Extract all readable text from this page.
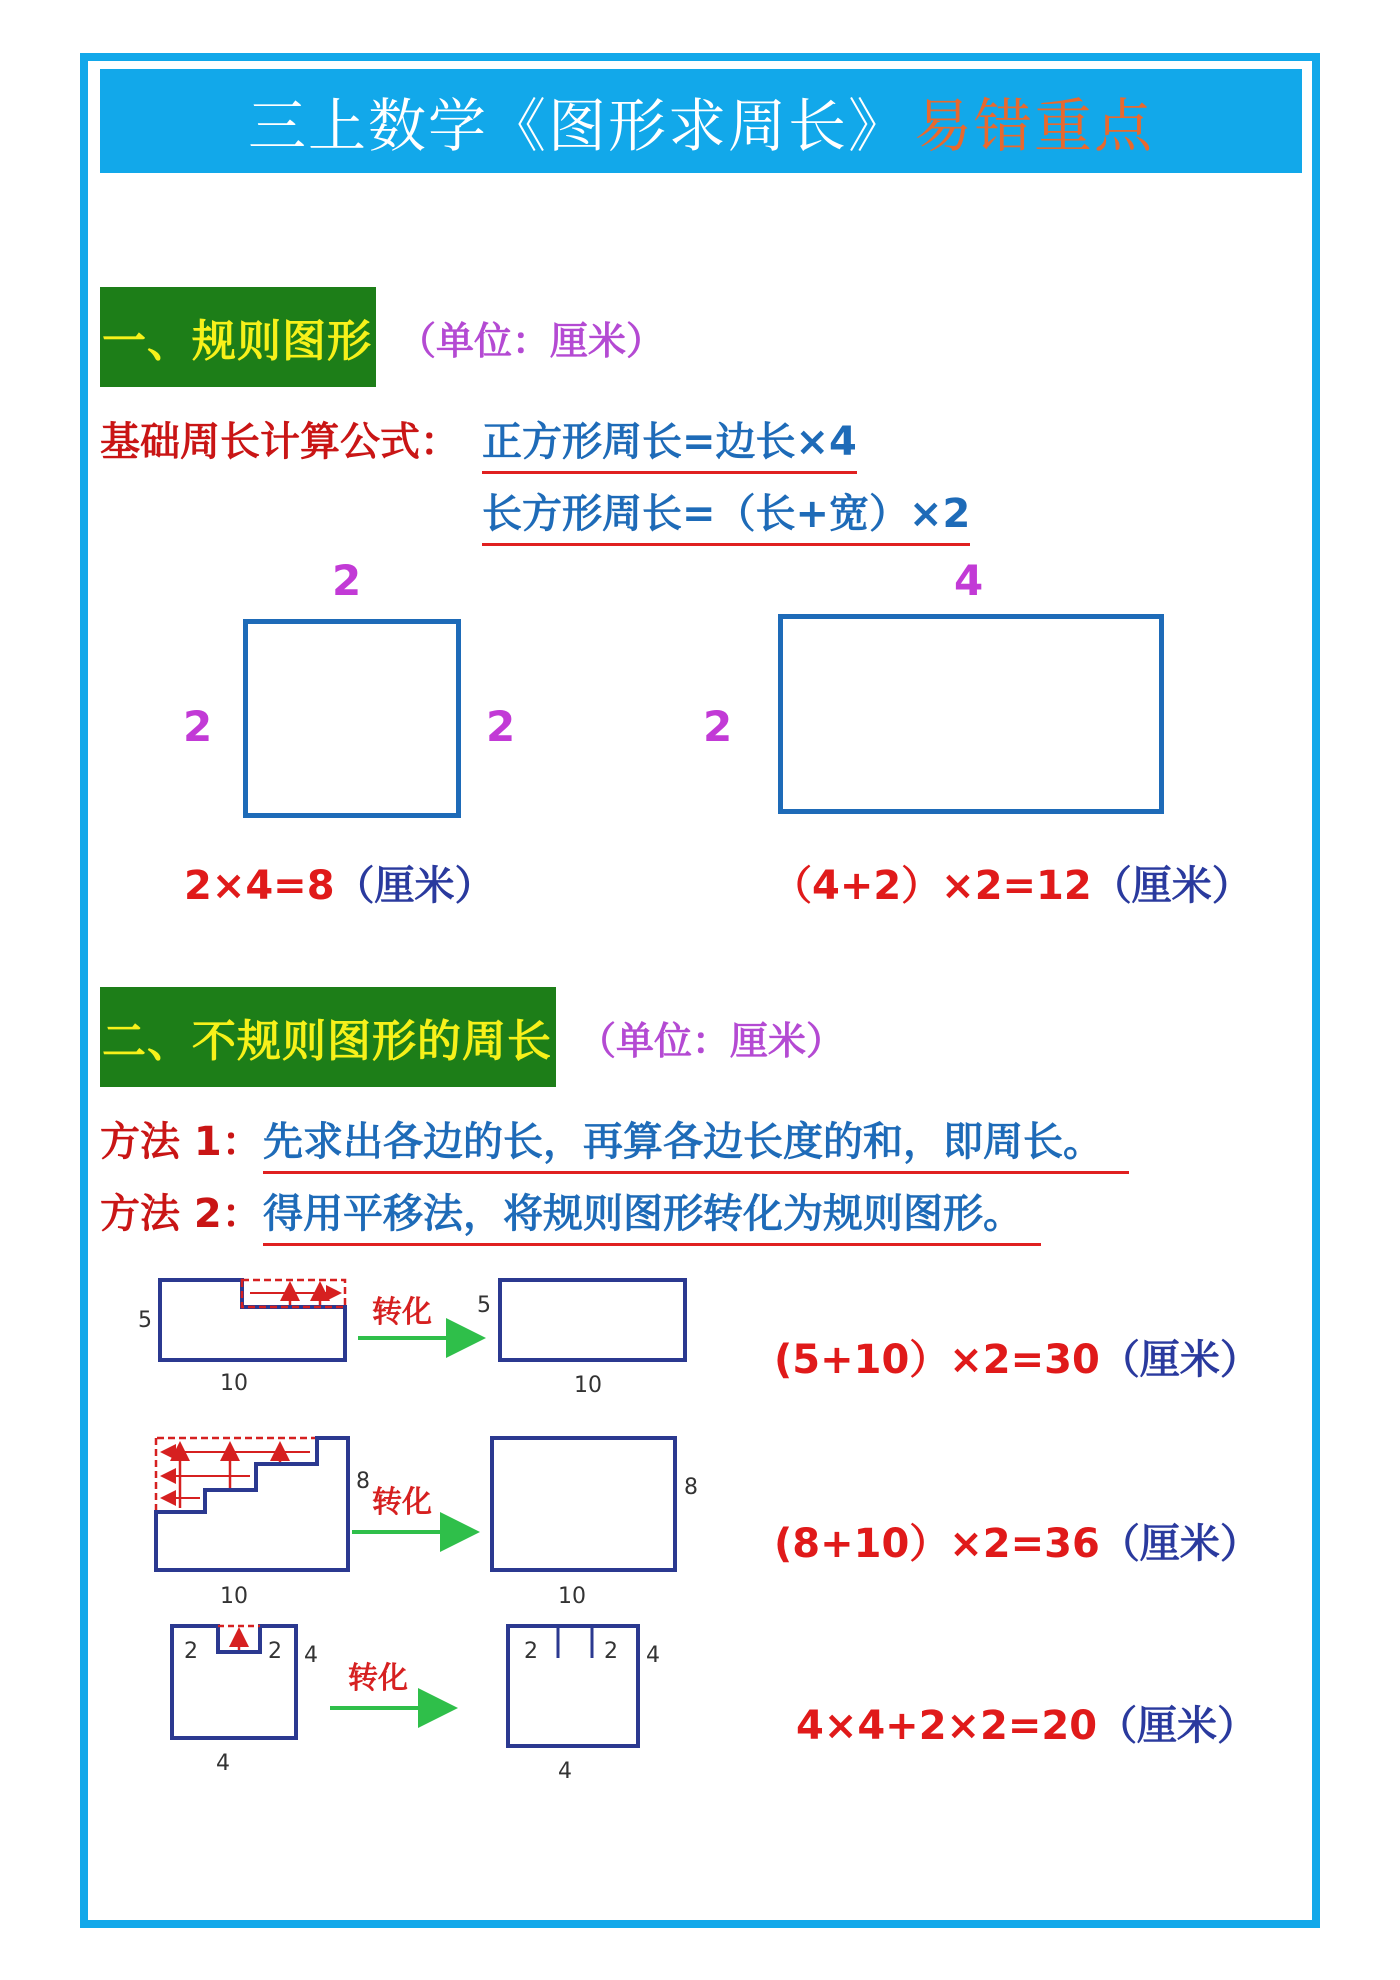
三上数学《图形求周长》 易错重点
一、规则图形 （单位：厘米）
基础周长计算公式： 正方形周长=边长×4
长方形周长=（长+宽）×2
2
2	2
4
2
2×4=8（厘米）	（4+2）×2=12（厘米）
二、不规则图形的周长 （单位：厘米）
方法 1： 先求出各边的长，再算各边长度的和，即周长。
方法 2： 得用平移法，将规则图形转化为规则图形。
5
10
转化 5
10
8
10
转化	8
10
2	2 4
4
转化
2	2 4
4
(5+10）×2=30（厘米）
(8+10）×2=36（厘米）
4×4+2×2=20（厘米）
